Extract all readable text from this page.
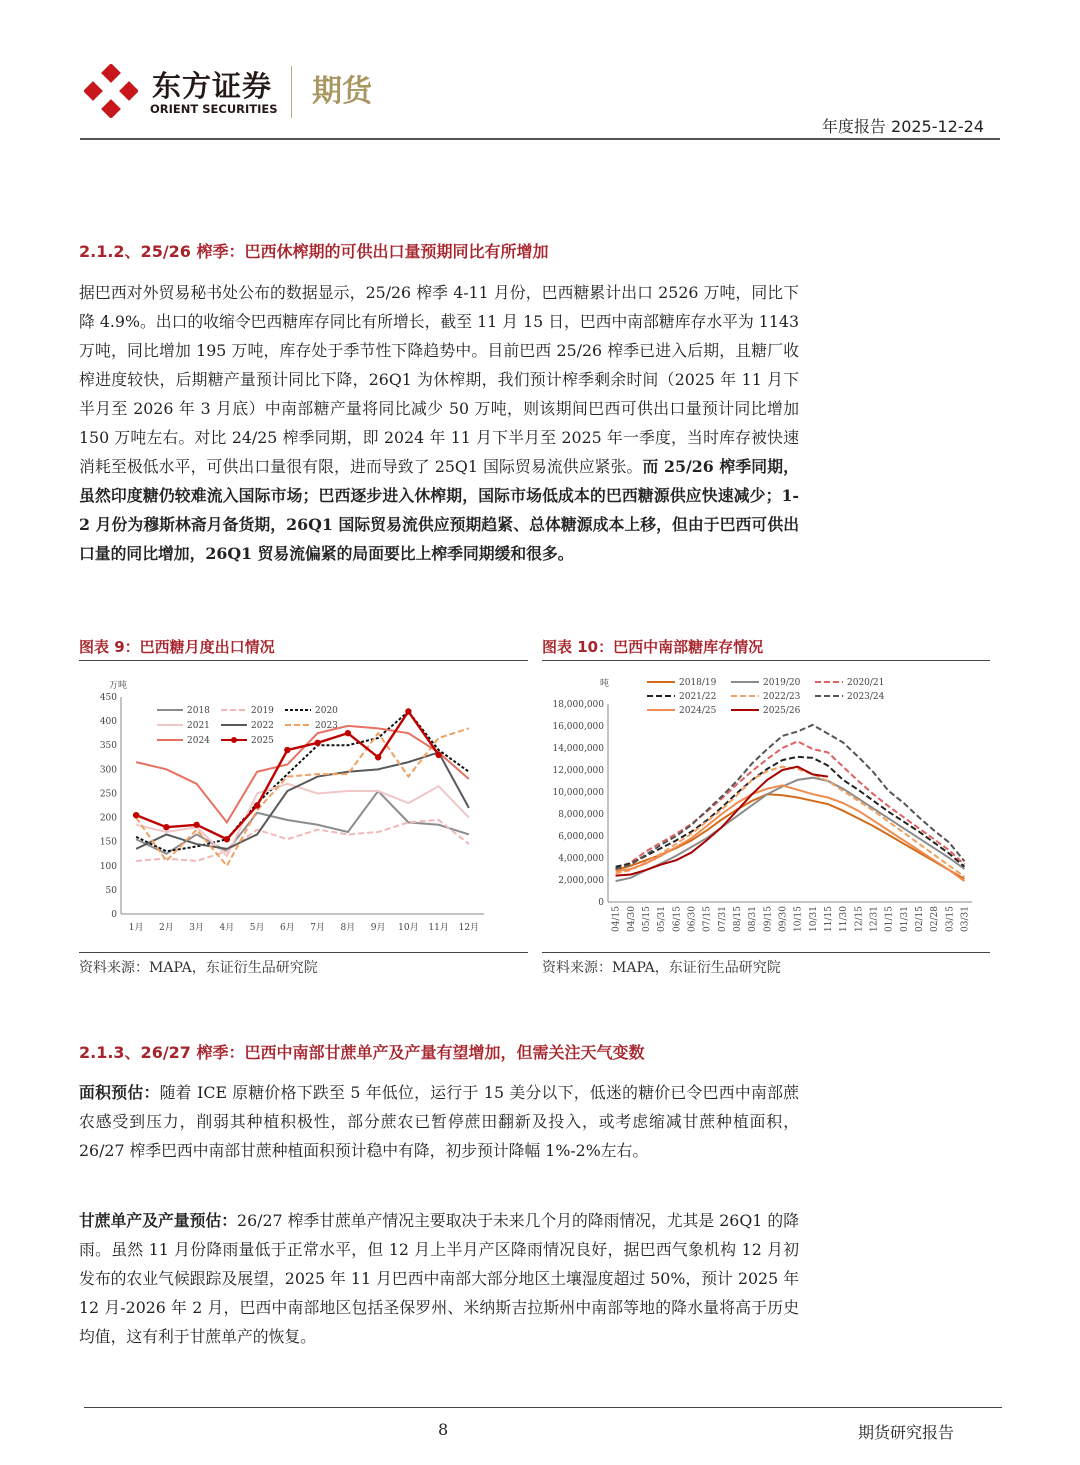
东方证券
ORIENT SECURITIES 期货
年度报告 2025-12-24
2.1.2、25/26 榨季：巴西休榨期的可供出口量预期同比有所增加
据巴西对外贸易秘书处公布的数据显示，25/26 榨季 4-11 月份，巴西糖累计出口 2526 万吨，同比下降 4.9%。出口的收缩令巴西糖库存同比有所增长，截至 11 月 15 日，巴西中南部糖库存水平为 1143 万吨，同比增加 195 万吨，库存处于季节性下降趋势中。目前巴西 25/26 榨季已进入后期，且糖厂收榨进度较快，后期糖产量预计同比下降，26Q1 为休榨期，我们预计榨季剩余时间（2025 年 11 月下半月至 2026 年 3 月底）中南部糖产量将同比减少 50 万吨，则该期间巴西可供出口量预计同比增加 150 万吨左右。对比 24/25 榨季同期，即 2024 年 11 月下半月至 2025 年一季度，当时库存被快速消耗至极低水平，可供出口量很有限，进而导致了 25Q1 国际贸易流供应紧张。而 25/26 榨季同期，虽然印度糖仍较难流入国际市场；巴西逐步进入休榨期，国际市场低成本的巴西糖源供应快速减少；1-2 月份为穆斯林斋月备货期，26Q1 国际贸易流供应预期趋紧、总体糖源成本上移，但由于巴西可供出口量的同比增加，26Q1 贸易流偏紧的局面要比上榨季同期缓和很多。
图表 9：巴西糖月度出口情况
0
50
100
150
200
250
300
350
400
450
1月 2月 3月 4月 5月 6月 7月 8月 9月 10月 11月 12月
2018	2019	2020
2021	2022	2023
2024	2025
万吨
资料来源：MAPA，东证衍生品研究院
图表 10：巴西中南部糖库存情况
0
2,000,000
4,000,000
6,000,000
8,000,000
10,000,000
12,000,000
14,000,000
16,000,000
18,000,000
04/15 04/30 05/15 05/31 06/15 06/30 07/15 07/31 08/15 08/31 09/15 09/30 10/15 10/31 11/15 11/30 12/15 12/31 01/15 01/31 02/15 02/28 03/15 03/31
2018/19	2019/20	2020/21
2021/22	2022/23	2023/24
2024/25	2025/26
吨
资料来源：MAPA，东证衍生品研究院
2.1.3、26/27 榨季：巴西中南部甘蔗单产及产量有望增加，但需关注天气变数
面积预估：随着 ICE 原糖价格下跌至 5 年低位，运行于 15 美分以下，低迷的糖价已令巴西中南部蔗农感受到压力，削弱其种植积极性，部分蔗农已暂停蔗田翻新及投入，或考虑缩减甘蔗种植面积，26/27 榨季巴西中南部甘蔗种植面积预计稳中有降，初步预计降幅 1%-2%左右。
甘蔗单产及产量预估：26/27 榨季甘蔗单产情况主要取决于未来几个月的降雨情况，尤其是 26Q1 的降雨。虽然 11 月份降雨量低于正常水平，但 12 月上半月产区降雨情况良好，据巴西气象机构 12 月初发布的农业气候跟踪及展望，2025 年 11 月巴西中南部大部分地区土壤湿度超过 50%，预计 2025 年 12 月-2026 年 2 月，巴西中南部地区包括圣保罗州、米纳斯吉拉斯州中南部等地的降水量将高于历史均值，这有利于甘蔗单产的恢复。
8	期货研究报告
